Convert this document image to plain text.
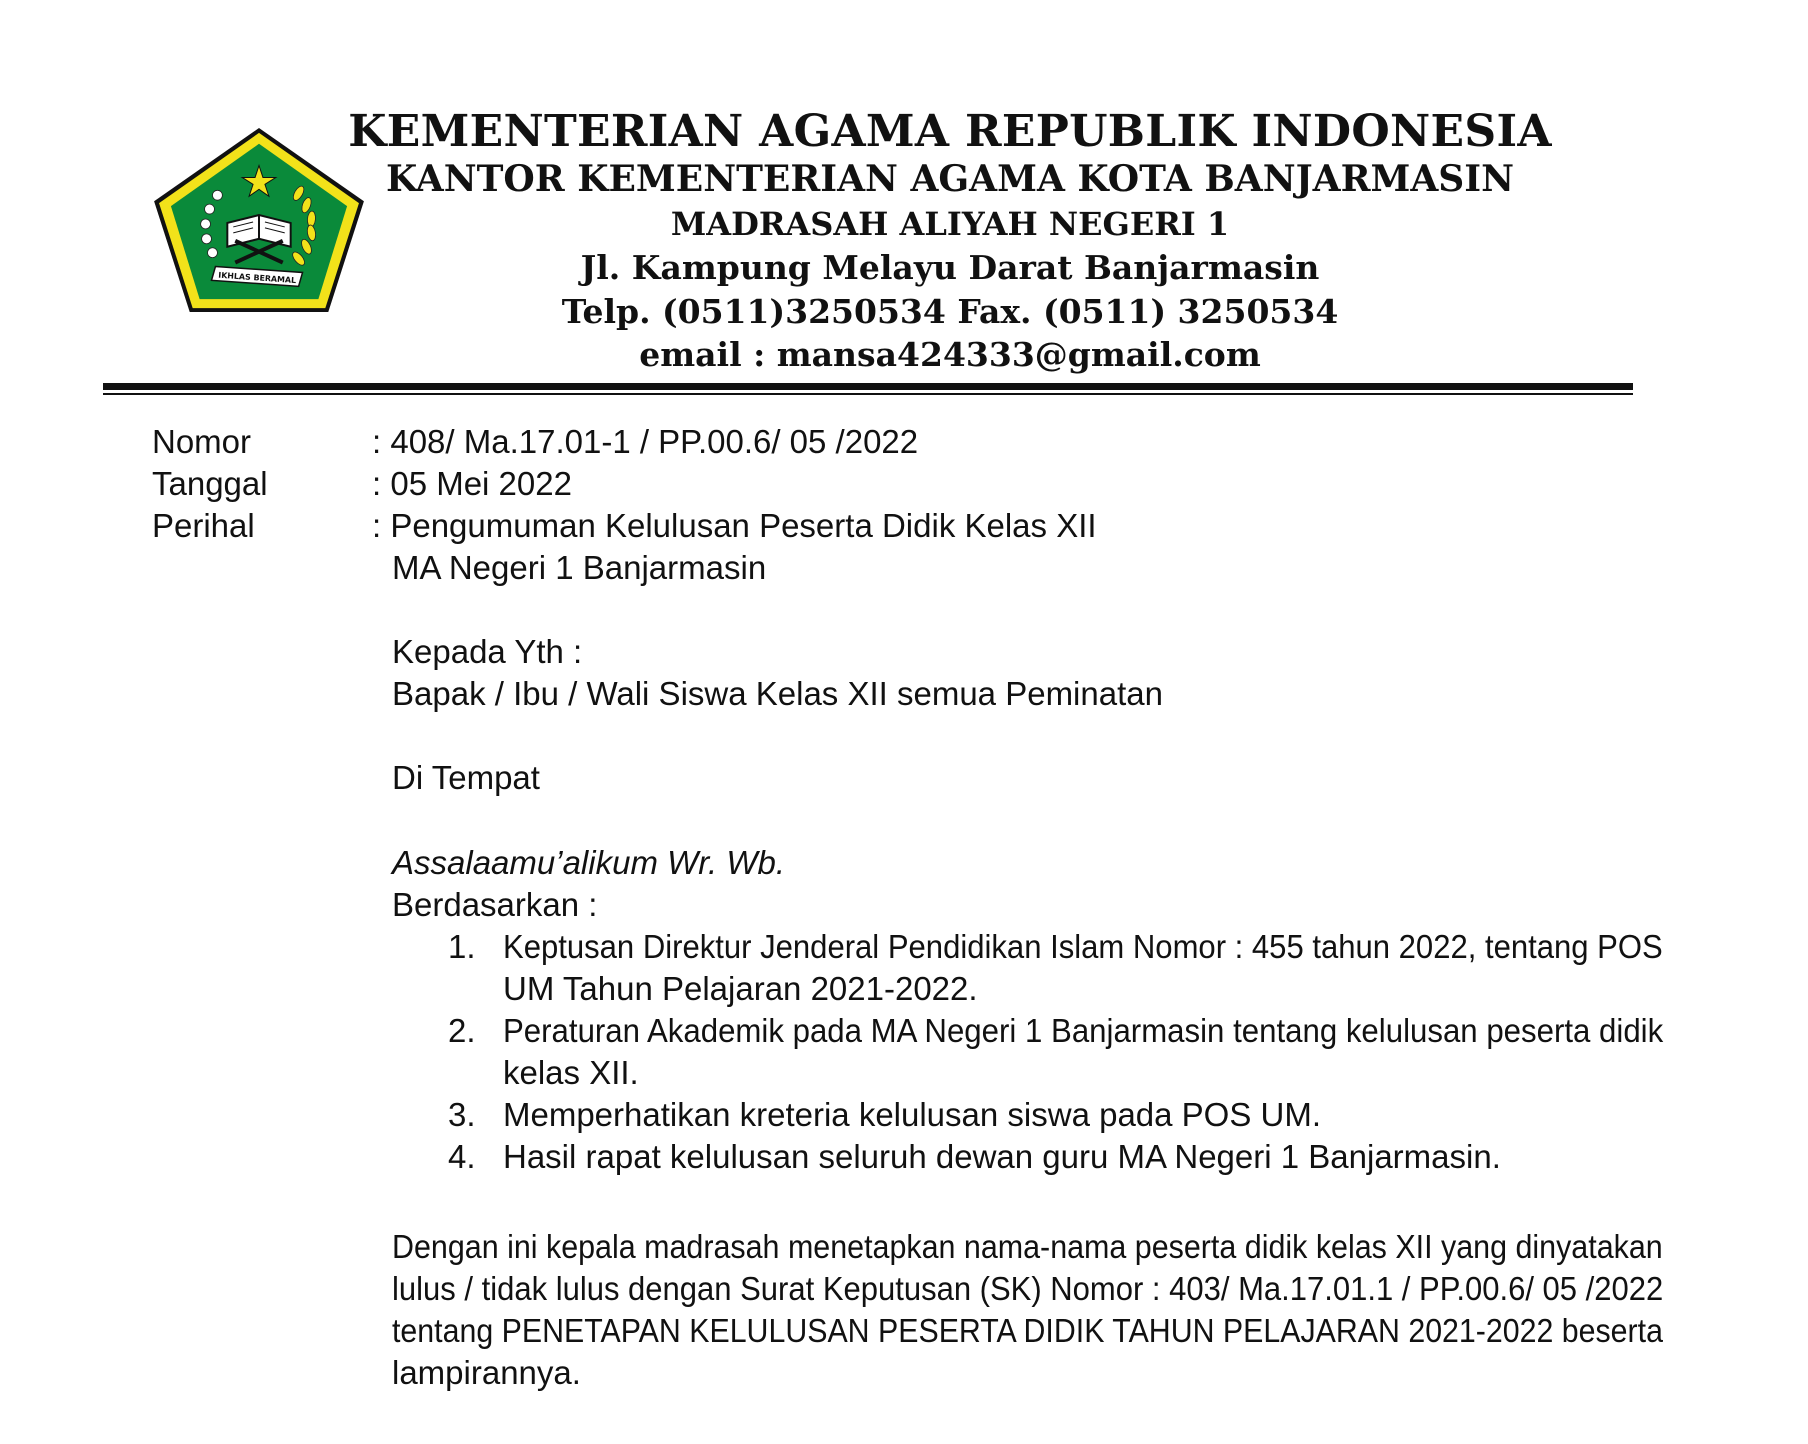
IKHLAS BERAMAL
KEMENTERIAN AGAMA REPUBLIK INDONESIA
KANTOR KEMENTERIAN AGAMA KOTA BANJARMASIN
MADRASAH ALIYAH NEGERI 1
Jl. Kampung Melayu Darat Banjarmasin
Telp. (0511)3250534 Fax. (0511) 3250534
email : mansa424333@gmail.com
Nomor	: 408/ Ma.17.01-1 / PP.00.6/ 05 /2022
Tanggal	: 05 Mei 2022
Perihal	: Pengumuman Kelulusan Peserta Didik Kelas XII
MA Negeri 1 Banjarmasin
Kepada Yth :
Bapak / Ibu / Wali Siswa Kelas XII semua Peminatan
Di Tempat
Assalaamu’alikum Wr. Wb.
Berdasarkan :
1. Keptusan Direktur Jenderal Pendidikan Islam Nomor : 455 tahun 2022, tentang POS
UM Tahun Pelajaran 2021-2022.
2. Peraturan Akademik pada MA Negeri 1 Banjarmasin tentang kelulusan peserta didik
kelas XII.
3. Memperhatikan kreteria kelulusan siswa pada POS UM.
4. Hasil rapat kelulusan seluruh dewan guru MA Negeri 1 Banjarmasin.
Dengan ini kepala madrasah menetapkan nama-nama peserta didik kelas XII yang dinyatakan
lulus / tidak lulus dengan Surat Keputusan (SK) Nomor : 403/ Ma.17.01.1 / PP.00.6/ 05 /2022
tentang PENETAPAN KELULUSAN PESERTA DIDIK TAHUN PELAJARAN 2021-2022 beserta
lampirannya.
